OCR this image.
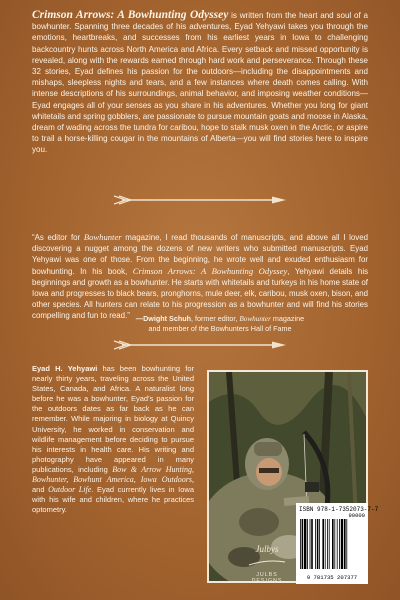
Crimson Arrows: A Bowhunting Odyssey is written from the heart and soul of a bowhunter. Spanning three decades of his adventures, Eyad Yehyawi takes you through the emotions, heartbreaks, and successes from his earliest years in Iowa to challenging backcountry hunts across North America and Africa. Every setback and missed opportunity is revealed, along with the rewards earned through hard work and perseverance. Through these 32 stories, Eyad defines his passion for the outdoors—including the disappointments and mishaps, sleepless nights and tears, and a few instances where death comes calling. With intense descriptions of his surroundings, animal behavior, and imposing weather conditions—Eyad engages all of your senses as you share in his adventures. Whether you long for giant whitetails and spring gobblers, are passionate to pursue mountain goats and moose in Alaska, dream of wading across the tundra for caribou, hope to stalk musk oxen in the Arctic, or aspire to trail a horse-killing cougar in the mountains of Alberta—you will find stories here to inspire you.

“As editor for Bowhunter magazine, I read thousands of manuscripts, and above all I loved discovering a nugget among the dozens of new writers who submitted manuscripts. Eyad Yehyawi was one of those. From the beginning, he wrote well and exuded enthusiasm for bowhunting. In his book, Crimson Arrows: A Bowhunting Odyssey, Yehyawi details his beginnings and growth as a bowhunter. He starts with whitetails and turkeys in his home state of Iowa and progresses to black bears, pronghorns, mule deer, elk, caribou, musk oxen, bison, and other species. All hunters can relate to his progression as a bowhunter and will find his stories compelling and fun to read.” —Dwight Schuh, former editor, Bowhunter magazine
and member of the Bowhunters Hall of Fame

Eyad H. Yehyawi has been bowhunting for nearly thirty years, traveling across the United States, Canada, and Africa. A naturalist long before he was a bowhunter, Eyad’s passion for the outdoors dates as far back as he can remember. While majoring in biology at Quincy University, he worked in conservation and wildlife management before deciding to pursue his interests in health care. His writing and photography have appeared in many publications, including Bow & Arrow Hunting, Bowhunter, Bowhunt America, Iowa Outdoors, and Outdoor Life. Eyad currently lives in Iowa with his wife and children, where he practices optometry.

Julbys
JULBS
DESIGNS
ISBN 978-1-7352073-7-7
90000
9 781735 207377
